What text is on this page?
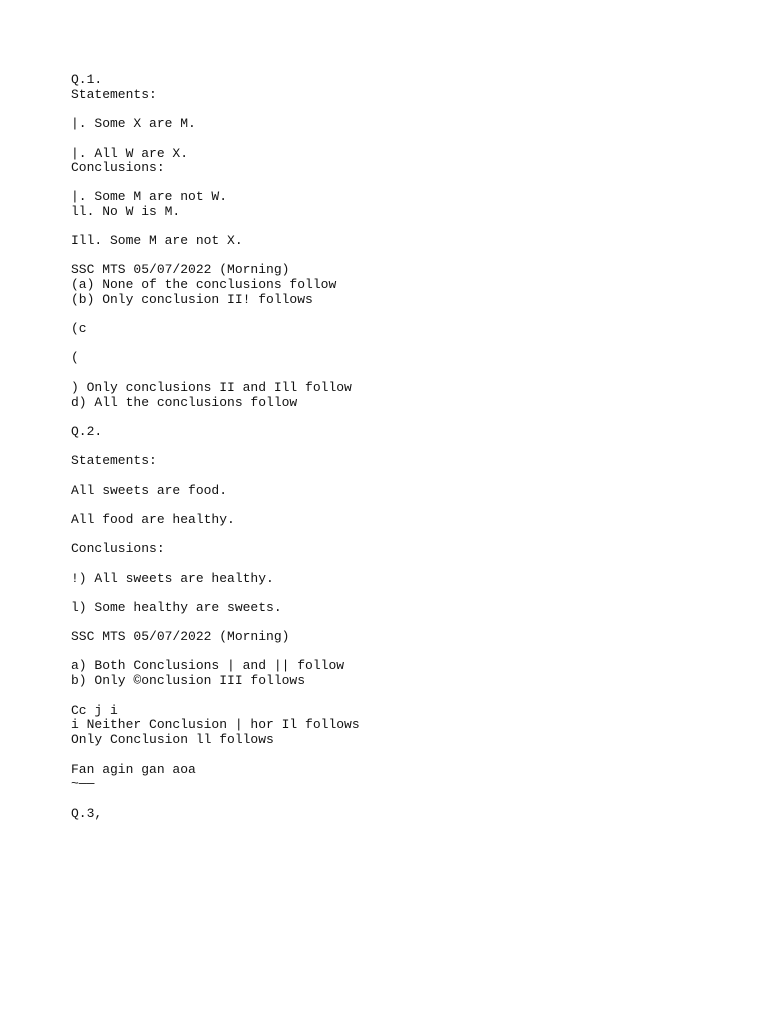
Q.1.
Statements:
|. Some X are M.
|. All W are X.
Conclusions:
|. Some M are not W.
ll. No W is M.
Ill. Some M are not X.
SSC MTS 05/07/2022 (Morning)
(a) None of the conclusions follow
(b) Only conclusion II! follows
(c
(
) Only conclusions II and Ill follow
d) All the conclusions follow
Q.2.
Statements:
All sweets are food.
All food are healthy.
Conclusions:
!) All sweets are healthy.
l) Some healthy are sweets.
SSC MTS 05/07/2022 (Morning)
a) Both Conclusions | and || follow
b) Only ©onclusion III follows
Cc j i
i Neither Conclusion | hor Il follows
Only Conclusion ll follows
Fan agin gan aoa
~——
Q.3,
